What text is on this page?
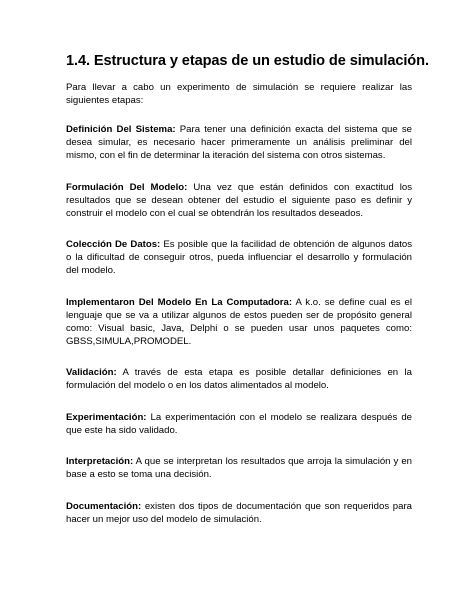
1.4. Estructura y etapas de un estudio de simulación.

Para llevar a cabo un experimento de simulación se requiere realizar las siguientes etapas:

Definición Del Sistema: Para tener una definición exacta del sistema que se desea simular, es necesario hacer primeramente un análisis preliminar del mismo, con el fin de determinar la iteración del sistema con otros sistemas.

Formulación Del Modelo: Una vez que están definidos con exactitud los resultados que se desean obtener del estudio el siguiente paso es definir y construir el modelo con el cual se obtendrán los resultados deseados.

Colección De Datos: Es posible que la facilidad de obtención de algunos datos o la dificultad de conseguir otros, pueda influenciar el desarrollo y formulación del modelo.

Implementaron Del Modelo En La Computadora: A k.o. se define cual es el lenguaje que se va a utilizar algunos de estos pueden ser de propósito general como: Visual basic, Java, Delphi o se pueden usar unos paquetes como: GBSS,SIMULA,PROMODEL.

Validación: A través de esta etapa es posible detallar definiciones en la formulación del modelo o en los datos alimentados al modelo.

Experimentación: La experimentación con el modelo se realizara después de que este ha sido validado.

Interpretación: A que se interpretan los resultados que arroja la simulación y en base a esto se toma una decisión.

Documentación: existen dos tipos de documentación que son requeridos para hacer un mejor uso del modelo de simulación.
